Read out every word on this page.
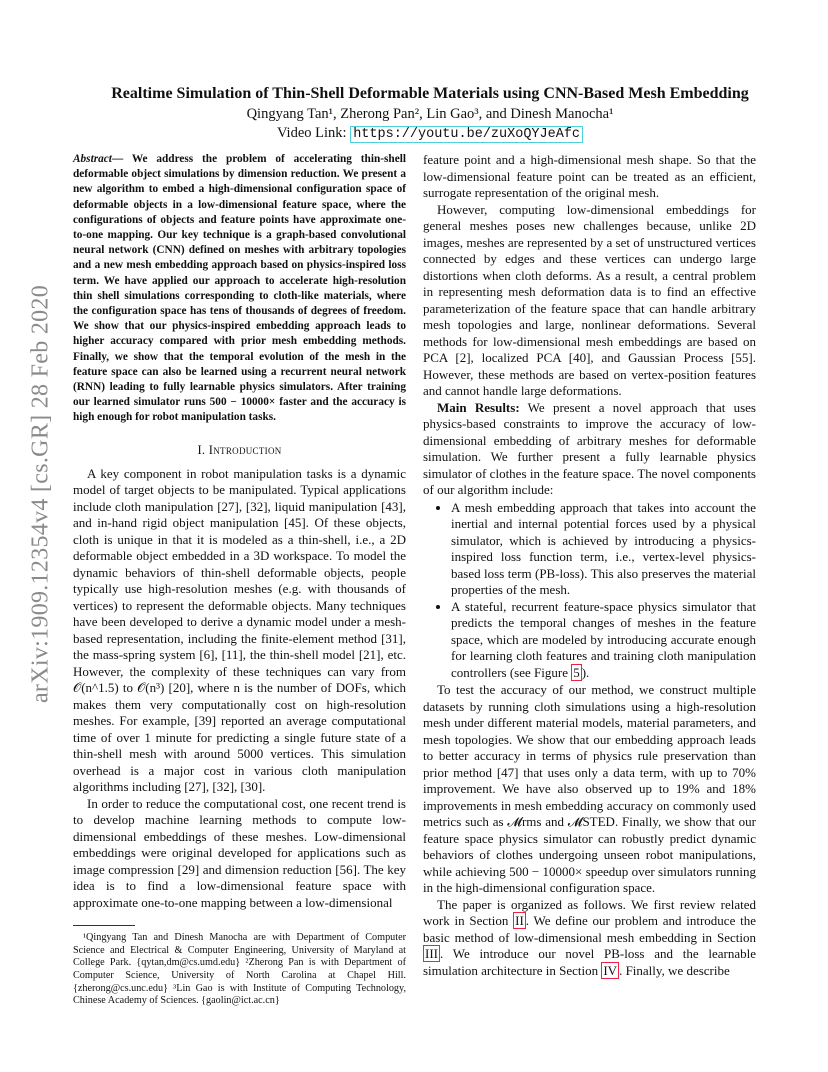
arXiv:1909.12354v4 [cs.GR] 28 Feb 2020
Realtime Simulation of Thin-Shell Deformable Materials using CNN-Based Mesh Embedding
Qingyang Tan¹, Zherong Pan², Lin Gao³, and Dinesh Manocha¹
Video Link: https://youtu.be/zuXoQYJeAfc

Abstract— We address the problem of accelerating thin-shell deformable object simulations by dimension reduction. We present a new algorithm to embed a high-dimensional configuration space of deformable objects in a low-dimensional feature space, where the configurations of objects and feature points have approximate one-to-one mapping. Our key technique is a graph-based convolutional neural network (CNN) defined on meshes with arbitrary topologies and a new mesh embedding approach based on physics-inspired loss term. We have applied our approach to accelerate high-resolution thin shell simulations corresponding to cloth-like materials, where the configuration space has tens of thousands of degrees of freedom. We show that our physics-inspired embedding approach leads to higher accuracy compared with prior mesh embedding methods. Finally, we show that the temporal evolution of the mesh in the feature space can also be learned using a recurrent neural network (RNN) leading to fully learnable physics simulators. After training our learned simulator runs 500 − 10000× faster and the accuracy is high enough for robot manipulation tasks.

I. Introduction

A key component in robot manipulation tasks is a dynamic model of target objects to be manipulated. Typical applications include cloth manipulation [27], [32], liquid manipulation [43], and in-hand rigid object manipulation [45]. Of these objects, cloth is unique in that it is modeled as a thin-shell, i.e., a 2D deformable object embedded in a 3D workspace. To model the dynamic behaviors of thin-shell deformable objects, people typically use high-resolution meshes (e.g. with thousands of vertices) to represent the deformable objects. Many techniques have been developed to derive a dynamic model under a mesh-based representation, including the finite-element method [31], the mass-spring system [6], [11], the thin-shell model [21], etc. However, the complexity of these techniques can vary from 𝒪(n^1.5) to 𝒪(n³) [20], where n is the number of DOFs, which makes them very computationally cost on high-resolution meshes. For example, [39] reported an average computational time of over 1 minute for predicting a single future state of a thin-shell mesh with around 5000 vertices. This simulation overhead is a major cost in various cloth manipulation algorithms including [27], [32], [30].

In order to reduce the computational cost, one recent trend is to develop machine learning methods to compute low-dimensional embeddings of these meshes. Low-dimensional embeddings were original developed for applications such as image compression [29] and dimension reduction [56]. The key idea is to find a low-dimensional feature space with approximate one-to-one mapping between a low-dimensional

¹Qingyang Tan and Dinesh Manocha are with Department of Computer Science and Electrical & Computer Engineering, University of Maryland at College Park. {qytan,dm@cs.umd.edu} ²Zherong Pan is with Department of Computer Science, University of North Carolina at Chapel Hill. {zherong@cs.unc.edu} ³Lin Gao is with Institute of Computing Technology, Chinese Academy of Sciences. {gaolin@ict.ac.cn}

feature point and a high-dimensional mesh shape. So that the low-dimensional feature point can be treated as an efficient, surrogate representation of the original mesh.

However, computing low-dimensional embeddings for general meshes poses new challenges because, unlike 2D images, meshes are represented by a set of unstructured vertices connected by edges and these vertices can undergo large distortions when cloth deforms. As a result, a central problem in representing mesh deformation data is to find an effective parameterization of the feature space that can handle arbitrary mesh topologies and large, nonlinear deformations. Several methods for low-dimensional mesh embeddings are based on PCA [2], localized PCA [40], and Gaussian Process [55]. However, these methods are based on vertex-position features and cannot handle large deformations.

Main Results: We present a novel approach that uses physics-based constraints to improve the accuracy of low-dimensional embedding of arbitrary meshes for deformable simulation. We further present a fully learnable physics simulator of clothes in the feature space. The novel components of our algorithm include:

• A mesh embedding approach that takes into account the inertial and internal potential forces used by a physical simulator, which is achieved by introducing a physics-inspired loss function term, i.e., vertex-level physics-based loss term (PB-loss). This also preserves the material properties of the mesh.
• A stateful, recurrent feature-space physics simulator that predicts the temporal changes of meshes in the feature space, which are modeled by introducing accurate enough for learning cloth features and training cloth manipulation controllers (see Figure 5 ).

To test the accuracy of our method, we construct multiple datasets by running cloth simulations using a high-resolution mesh under different material models, material parameters, and mesh topologies. We show that our embedding approach leads to better accuracy in terms of physics rule preservation than prior method [47] that uses only a data term, with up to 70% improvement. We have also observed up to 19% and 18% improvements in mesh embedding accuracy on commonly used metrics such as 𝓜rms and 𝓜STED. Finally, we show that our feature space physics simulator can robustly predict dynamic behaviors of clothes undergoing unseen robot manipulations, while achieving 500 − 10000× speedup over simulators running in the high-dimensional configuration space.

The paper is organized as follows. We first review related work in Section II . We define our problem and introduce the basic method of low-dimensional mesh embedding in Section III . We introduce our novel PB-loss and the learnable simulation architecture in Section IV . Finally, we describe
